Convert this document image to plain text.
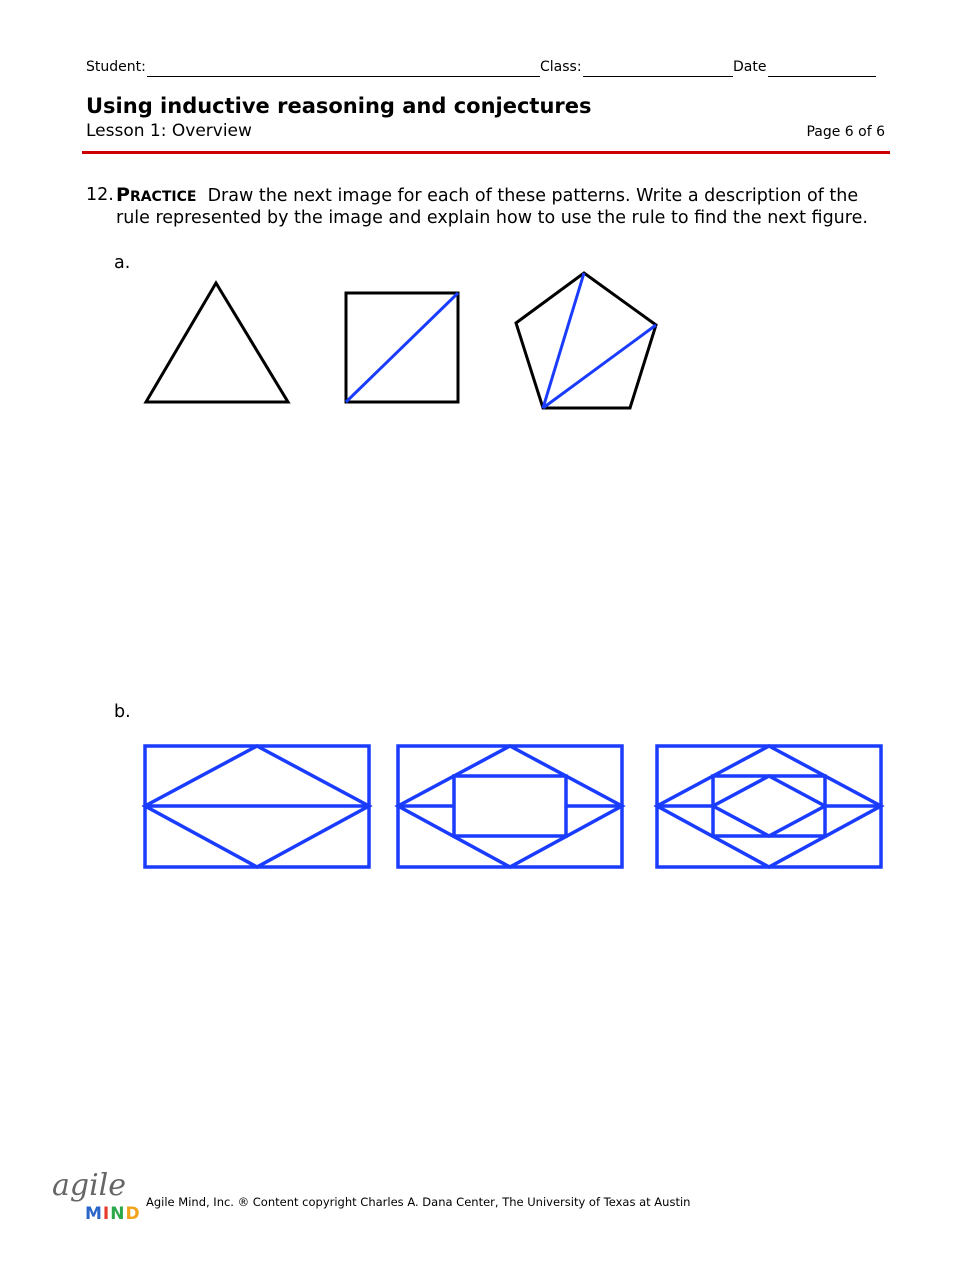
Student:	Class:	Date
Using inductive reasoning and conjectures
Lesson 1: Overview	Page 6 of 6
12. PRACTICE Draw the next image for each of these patterns. Write a description of the
rule represented by the image and explain how to use the rule to find the next figure.
a.
b.
agile
MIND
Agile Mind, Inc. ® Content copyright Charles A. Dana Center, The University of Texas at Austin
